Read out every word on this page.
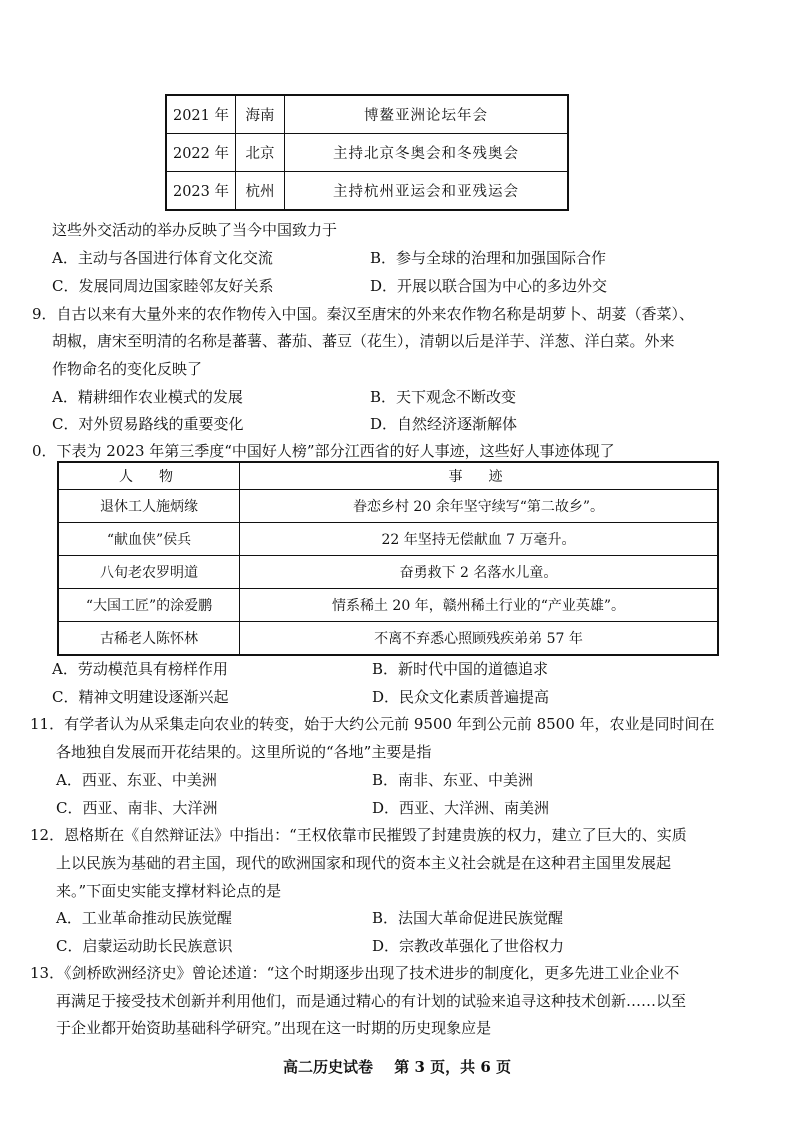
2021 年	海南	博鳌亚洲论坛年会
2022 年	北京	主持北京冬奥会和冬残奥会
2023 年	杭州	主持杭州亚运会和亚残运会
这些外交活动的举办反映了当今中国致力于
A．主动与各国进行体育文化交流	B．参与全球的治理和加强国际合作
C．发展同周边国家睦邻友好关系	D．开展以联合国为中心的多边外交
9．自古以来有大量外来的农作物传入中国。秦汉至唐宋的外来农作物名称是胡萝卜、胡荽（香菜）、
胡椒，唐宋至明清的名称是蕃薯、蕃茄、蕃豆（花生），清朝以后是洋芋、洋葱、洋白菜。外来
作物命名的变化反映了
A．精耕细作农业模式的发展	B．天下观念不断改变
C．对外贸易路线的重要变化	D．自然经济逐渐解体
0．下表为 2023 年第三季度“中国好人榜”部分江西省的好人事迹，这些好人事迹体现了
人　物	事　迹
退休工人施炳缘	眷恋乡村 20 余年坚守续写“第二故乡”。
“献血侠”侯兵	22 年坚持无偿献血 7 万毫升。
八旬老农罗明道	奋勇救下 2 名落水儿童。
“大国工匠”的涂爱鹏	情系稀土 20 年，赣州稀土行业的“产业英雄”。
古稀老人陈怀林	不离不弃悉心照顾残疾弟弟 57 年
A．劳动模范具有榜样作用	B．新时代中国的道德追求
C．精神文明建设逐渐兴起	D．民众文化素质普遍提高
11．有学者认为从采集走向农业的转变，始于大约公元前 9500 年到公元前 8500 年，农业是同时间在
各地独自发展而开花结果的。这里所说的“各地”主要是指
A．西亚、东亚、中美洲	B．南非、东亚、中美洲
C．西亚、南非、大洋洲	D．西亚、大洋洲、南美洲
12．恩格斯在《自然辩证法》中指出：“王权依靠市民摧毁了封建贵族的权力，建立了巨大的、实质
上以民族为基础的君主国，现代的欧洲国家和现代的资本主义社会就是在这种君主国里发展起
来。”下面史实能支撑材料论点的是
A．工业革命推动民族觉醒	B．法国大革命促进民族觉醒
C．启蒙运动助长民族意识	D．宗教改革强化了世俗权力
13．《剑桥欧洲经济史》曾论述道：“这个时期逐步出现了技术进步的制度化，更多先进工业企业不
再满足于接受技术创新并利用他们，而是通过精心的有计划的试验来追寻这种技术创新……以至
于企业都开始资助基础科学研究。”出现在这一时期的历史现象应是
高二历史试卷 第 3 页，共 6 页
